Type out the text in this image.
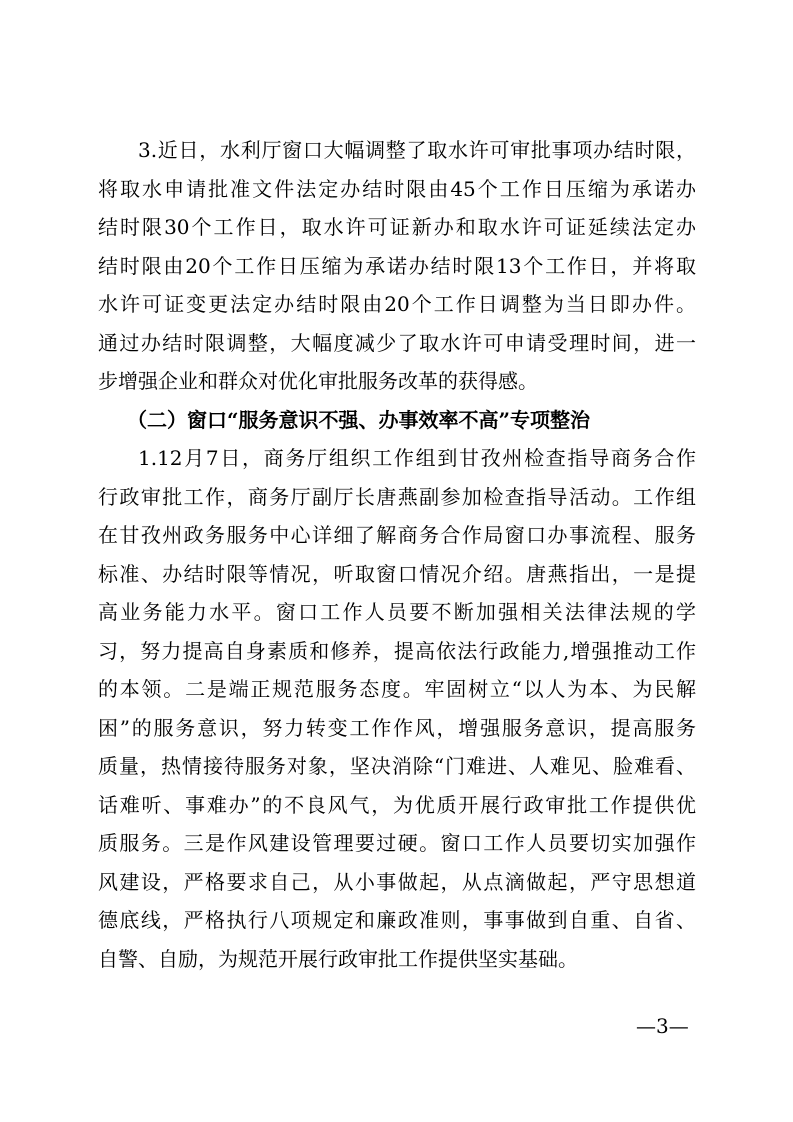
3.近日，水利厅窗口大幅调整了取水许可审批事项办结时限，
将取水申请批准文件法定办结时限由45个工作日压缩为承诺办
结时限30个工作日，取水许可证新办和取水许可证延续法定办
结时限由20个工作日压缩为承诺办结时限13个工作日，并将取
水许可证变更法定办结时限由20个工作日调整为当日即办件。
通过办结时限调整，大幅度减少了取水许可申请受理时间，进一
步增强企业和群众对优化审批服务改革的获得感。
（二）窗口“服务意识不强、办事效率不高”专项整治
1.12月7日，商务厅组织工作组到甘孜州检查指导商务合作
行政审批工作，商务厅副厅长唐燕副参加检查指导活动。工作组
在甘孜州政务服务中心详细了解商务合作局窗口办事流程、服务
标准、办结时限等情况，听取窗口情况介绍。唐燕指出，一是提
高业务能力水平。窗口工作人员要不断加强相关法律法规的学
习，努力提高自身素质和修养，提高依法行政能力,增强推动工作
的本领。二是端正规范服务态度。牢固树立“以人为本、为民解
困”的服务意识，努力转变工作作风，增强服务意识，提高服务
质量，热情接待服务对象，坚决消除“门难进、人难见、脸难看、
话难听、事难办”的不良风气，为优质开展行政审批工作提供优
质服务。三是作风建设管理要过硬。窗口工作人员要切实加强作
风建设，严格要求自己，从小事做起，从点滴做起，严守思想道
德底线，严格执行八项规定和廉政准则，事事做到自重、自省、
自警、自励，为规范开展行政审批工作提供坚实基础。
—3—
